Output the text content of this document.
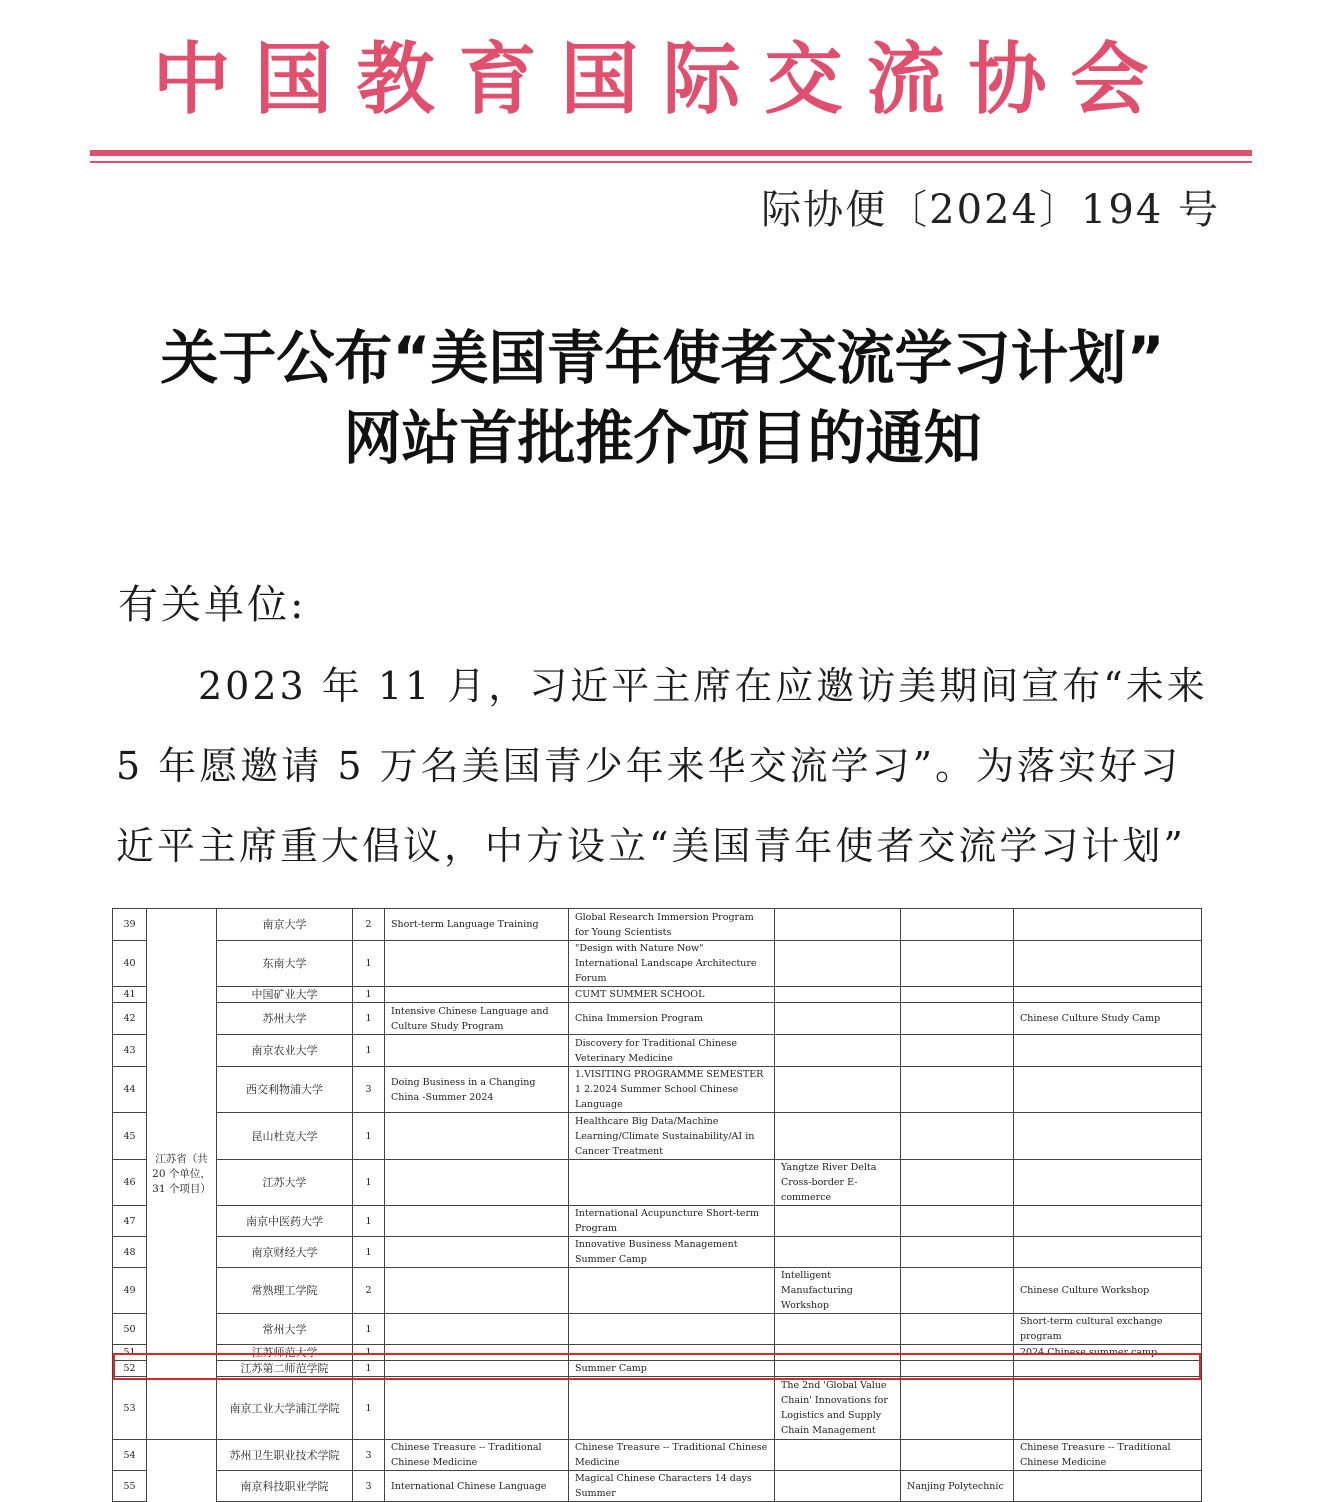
中国教育国际交流协会
际协便〔2024〕194 号
关于公布“美国青年使者交流学习计划”
网站首批推介项目的通知
有关单位:
2023 年 11 月，习近平主席在应邀访美期间宣布“未来
5 年愿邀请 5 万名美国青少年来华交流学习”。为落实好习
近平主席重大倡议，中方设立“美国青年使者交流学习计划”
39	江苏省（共 20 个单位，31 个项目）	南京大学	2	Short-term Language Training	Global Research Immersion Program for Young Scientists			
40		东南大学	1		"Design with Nature Now" International Landscape Architecture Forum			
41		中国矿业大学	1		CUMT SUMMER SCHOOL			
42		苏州大学	1	Intensive Chinese Language and Culture Study Program	China Immersion Program			Chinese Culture Study Camp
43		南京农业大学	1		Discovery for Traditional Chinese Veterinary Medicine			
44		西交利物浦大学	3	Doing Business in a Changing China -Summer 2024	1.VISITING PROGRAMME SEMESTER 1 2.2024 Summer School Chinese Language			
45		昆山杜克大学	1		Healthcare Big Data/Machine Learning/Climate Sustainability/AI in Cancer Treatment			
46		江苏大学	1			Yangtze River Delta Cross-border E-commerce		
47		南京中医药大学	1		International Acupuncture Short-term Program			
48		南京财经大学	1		Innovative Business Management Summer Camp			
49		常熟理工学院	2			Intelligent Manufacturing Workshop		Chinese Culture Workshop
50		常州大学	1					Short-term cultural exchange program
51		江苏师范大学	1					2024 Chinese summer camp
52		江苏第二师范学院	1		Summer Camp			
53		南京工业大学浦江学院	1			The 2nd 'Global Value Chain' Innovations for Logistics and Supply Chain Management		
54		苏州卫生职业技术学院	3	Chinese Treasure -- Traditional Chinese Medicine	Chinese Treasure -- Traditional Chinese Medicine			Chinese Treasure -- Traditional Chinese Medicine
55		南京科技职业学院	3	International Chinese Language	Magical Chinese Characters 14 days Summer		Nanjing Polytechnic	
